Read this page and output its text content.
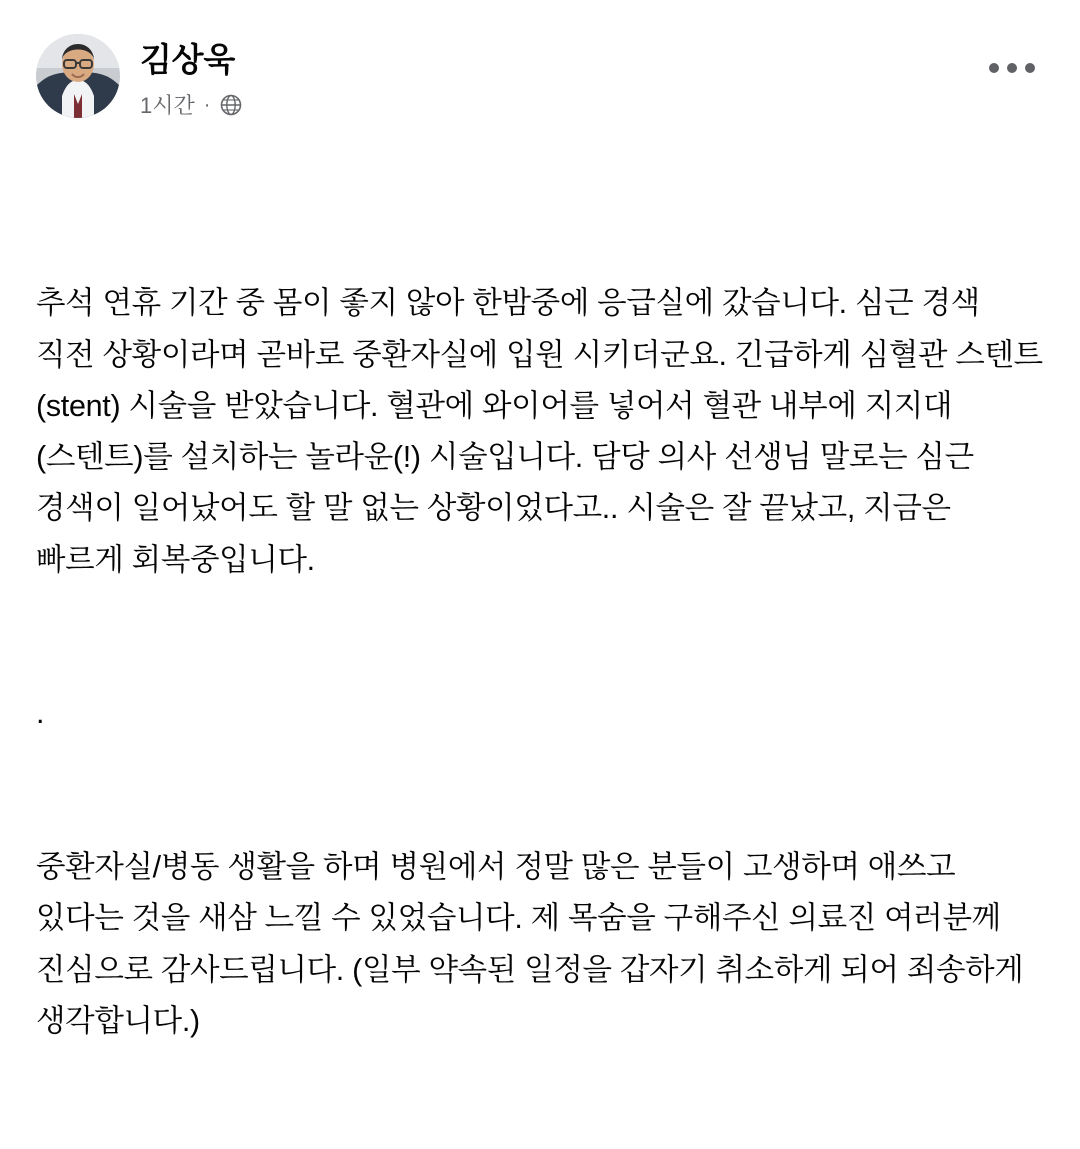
김상욱
1시간 ·

추석 연휴 기간 중 몸이 좋지 않아 한밤중에 응급실에 갔습니다. 심근 경색 직전 상황이라며 곧바로 중환자실에 입원 시키더군요. 긴급하게 심혈관 스텐트(stent) 시술을 받았습니다. 혈관에 와이어를 넣어서 혈관 내부에 지지대(스텐트)를 설치하는 놀라운(!) 시술입니다. 담당 의사 선생님 말로는 심근 경색이 일어났어도 할 말 없는 상황이었다고.. 시술은 잘 끝났고, 지금은 빠르게 회복중입니다.

.

중환자실/병동 생활을 하며 병원에서 정말 많은 분들이 고생하며 애쓰고 있다는 것을 새삼 느낄 수 있었습니다. 제 목숨을 구해주신 의료진 여러분께 진심으로 감사드립니다. (일부 약속된 일정을 갑자기 취소하게 되어 죄송하게 생각합니다.)
